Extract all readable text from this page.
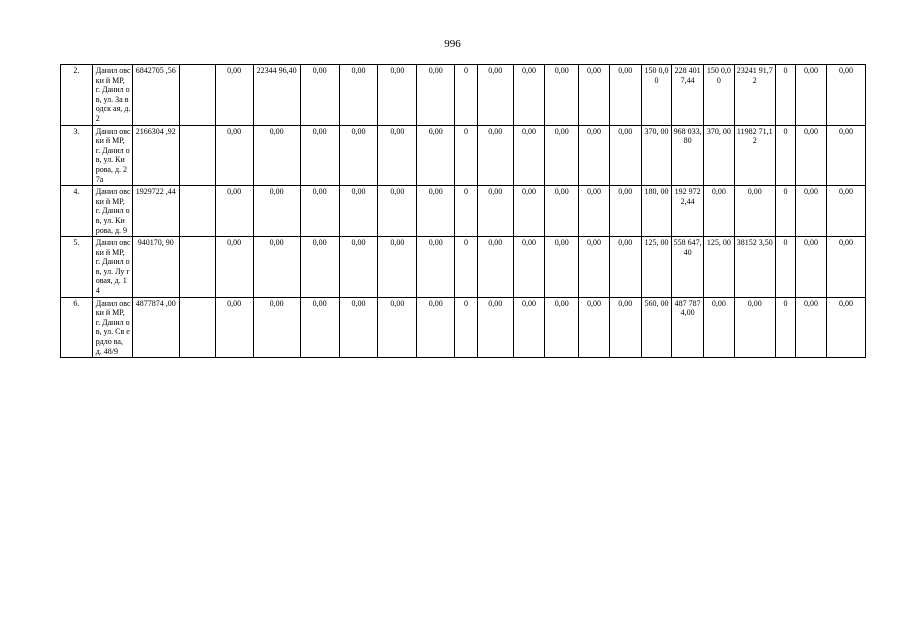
996
2.	Данил овски й МР, г. Данил ов, ул. За водск ая, д. 2	6842705 ,56		0,00	22344 96,40	0,00	0,00	0,00	0,00	0	0,00	0,00	0,00	0,00	0,00	150 0,00	228 401 7,44	150 0,00	23241 91,72	0	0,00	0,00
3.	Данил овски й МР, г. Данил ов, ул. Ки рова, д. 27а	2166304 ,92		0,00	0,00	0,00	0,00	0,00	0,00	0	0,00	0,00	0,00	0,00	0,00	370, 00	968 033, 80	370, 00	11982 71,12	0	0,00	0,00
4.	Данил овски й МР, г. Данил ов, ул. Ки рова, д. 9	1929722 ,44		0,00	0,00	0,00	0,00	0,00	0,00	0	0,00	0,00	0,00	0,00	0,00	180, 00	192 972 2,44	0,00	0,00	0	0,00	0,00
5.	Данил овски й МР, г. Данил ов, ул. Лу говая, д. 14	940170, 90		0,00	0,00	0,00	0,00	0,00	0,00	0	0,00	0,00	0,00	0,00	0,00	125, 00	558 647, 40	125, 00	38152 3,50	0	0,00	0,00
6.	Данил овски й МР, г. Данил ов, ул. Св ердло ва, д. 48/9	4877874 ,00		0,00	0,00	0,00	0,00	0,00	0,00	0	0,00	0,00	0,00	0,00	0,00	560, 00	487 787 4,00	0,00	0,00	0	0,00	0,00
